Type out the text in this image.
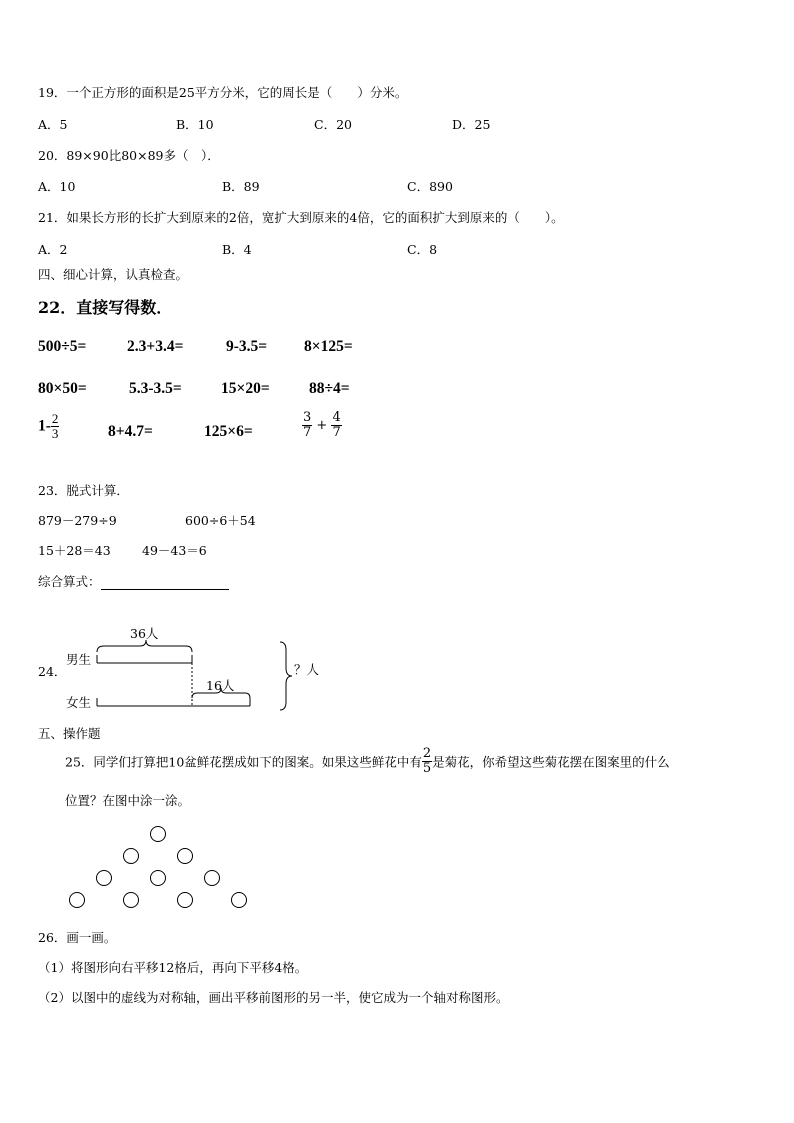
19．一个正方形的面积是25平方分米，它的周长是（　　）分米。
A．5	B．10	C．20	D．25
20．89×90比80×89多（　）．
A．10	B．89	C．890
21．如果长方形的长扩大到原来的2倍，宽扩大到原来的4倍，它的面积扩大到原来的（　　）。
A．2	B．4	C．8
四、细心计算，认真检查。
22．直接写得数．
500÷5=	2.3+3.4=	9-3.5= 8×125=
80×50=	5.3-3.5=	15×20=	88÷4=
$1- \frac{2}{3}$	8+4.7=	125×6=	$\frac{3}{7} + \frac{4}{7}$
23．脱式计算．
879－279÷9	600÷6＋54
15＋28＝43	49－43＝6
综合算式：
24．
男生
女生
36人
16人
？人
五、操作题
25．同学们打算把10盆鲜花摆成如下的图案。如果这些鲜花中有 $\frac{2}{5}$ 是菊花，你希望这些菊花摆在图案里的什么
位置？在图中涂一涂。
26．画一画。
（1）将图形向右平移12格后，再向下平移4格。
（2）以图中的虚线为对称轴，画出平移前图形的另一半，使它成为一个轴对称图形。
